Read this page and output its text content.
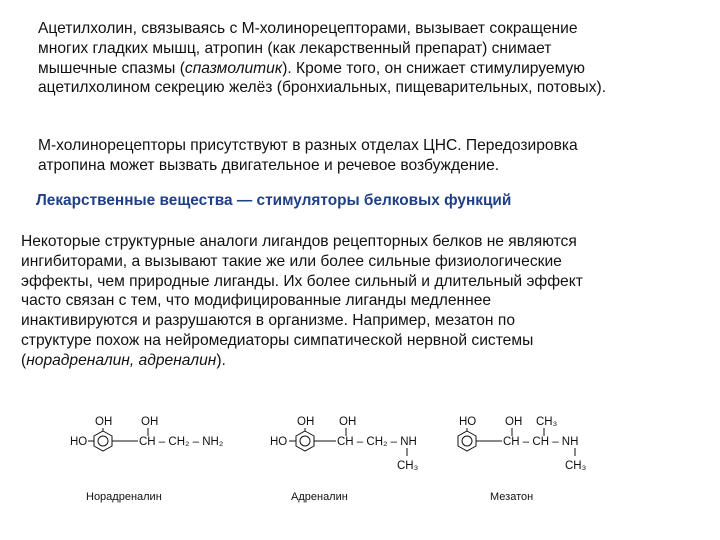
Ацетилхолин, связываясь с М-холинорецепторами, вызывает сокращение
многих гладких мышц, атропин (как лекарственный препарат) снимает
мышечные спазмы (спазмолитик). Кроме того, он снижает стимулируемую
ацетилхолином секрецию желёз (бронхиальных, пищеварительных, потовых).

М-холинорецепторы присутствуют в разных отделах ЦНС. Передозировка
атропина может вызвать двигательное и речевое возбуждение.

Лекарственные вещества — стимуляторы белковых функций

Некоторые структурные аналоги лигандов рецепторных белков не являются
ингибиторами, а вызывают такие же или более сильные физиологические
эффекты, чем природные лиганды. Их более сильный и длительный эффект
часто связан с тем, что модифицированные лиганды медленнее
инактивируются и разрушаются в организме. Например, мезатон по
структуре похож на нейромедиаторы симпатической нервной системы
(норадреналин, адреналин).

OH	OH
HO	CH – CH₂ – NH₂
Норадреналин
OH OH
HO	CH – CH₂ – NH
CH₃
Адреналин
HO	OH CH₃
CH – CH – NH
CH₃
Мезатон
